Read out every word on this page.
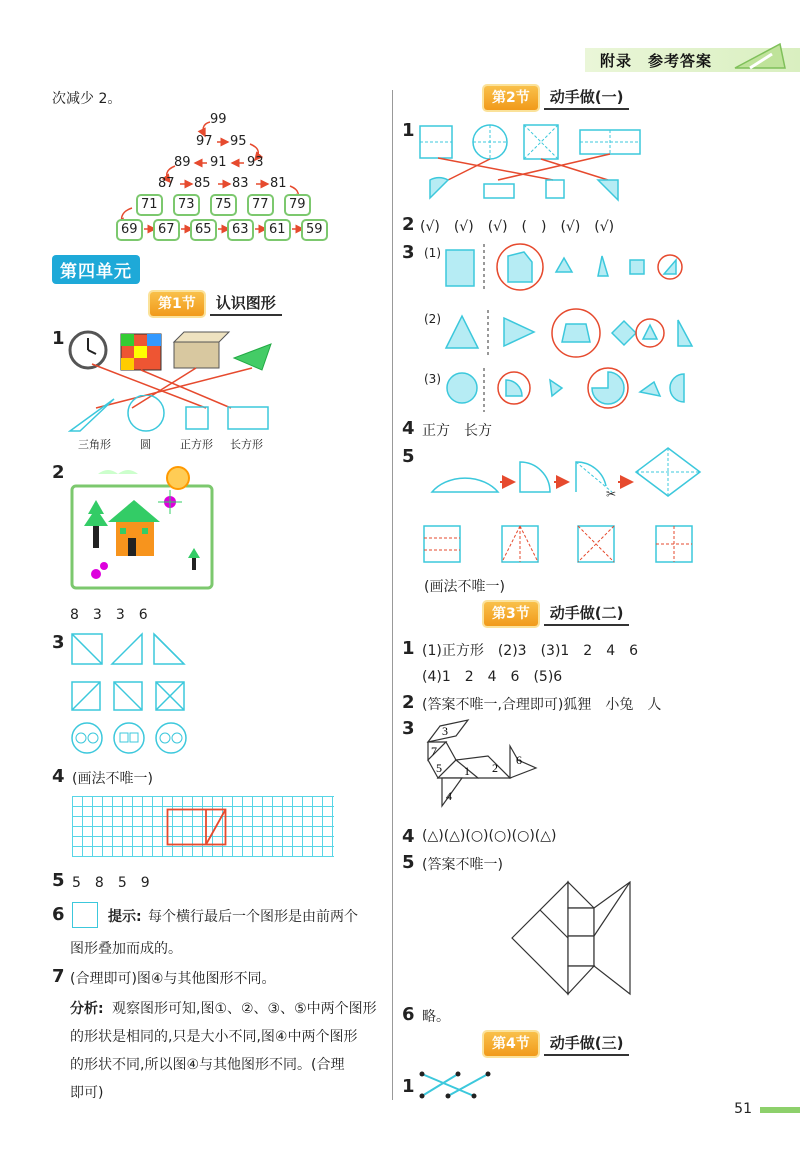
附录　参考答案
次减少 2。
99
97 95
89 91 93
87 85 83 81
71	73	75	77	79
69	67	65	63	61	59
第四单元
第1节	认识图形
1
三角形	圆	正方形 长方形
2
8　3　3　6
3
4 (画法不唯一)
5 5　8　5　9
6	提示: 每个横行最后一个图形是由前两个
图形叠加而成的。
7 (合理即可)图④与其他图形不同。
分析: 观察图形可知,图①、②、③、⑤中两个图形
的形状是相同的,只是大小不同,图④中两个图形
的形状不同,所以图④与其他图形不同。(合理
即可)
第2节	动手做(一)
1
2 (√)　(√)　(√)　(　)　(√)　(√)
3 (1)
(2)
(3)
4 正方　长方
5
✂
(画法不唯一)
第3节	动手做(二)
1 (1)正方形　(2)3　(3)1　2　4　6
(4)1　2　4　6　(5)6
2 (答案不唯一,合理即可)狐狸　小兔　人
3 3
7
5 1 2
6
4
4 (△)(△)(○)(○)(○)(△)
5 (答案不唯一)
6 略。
第4节	动手做(三)
1
51
